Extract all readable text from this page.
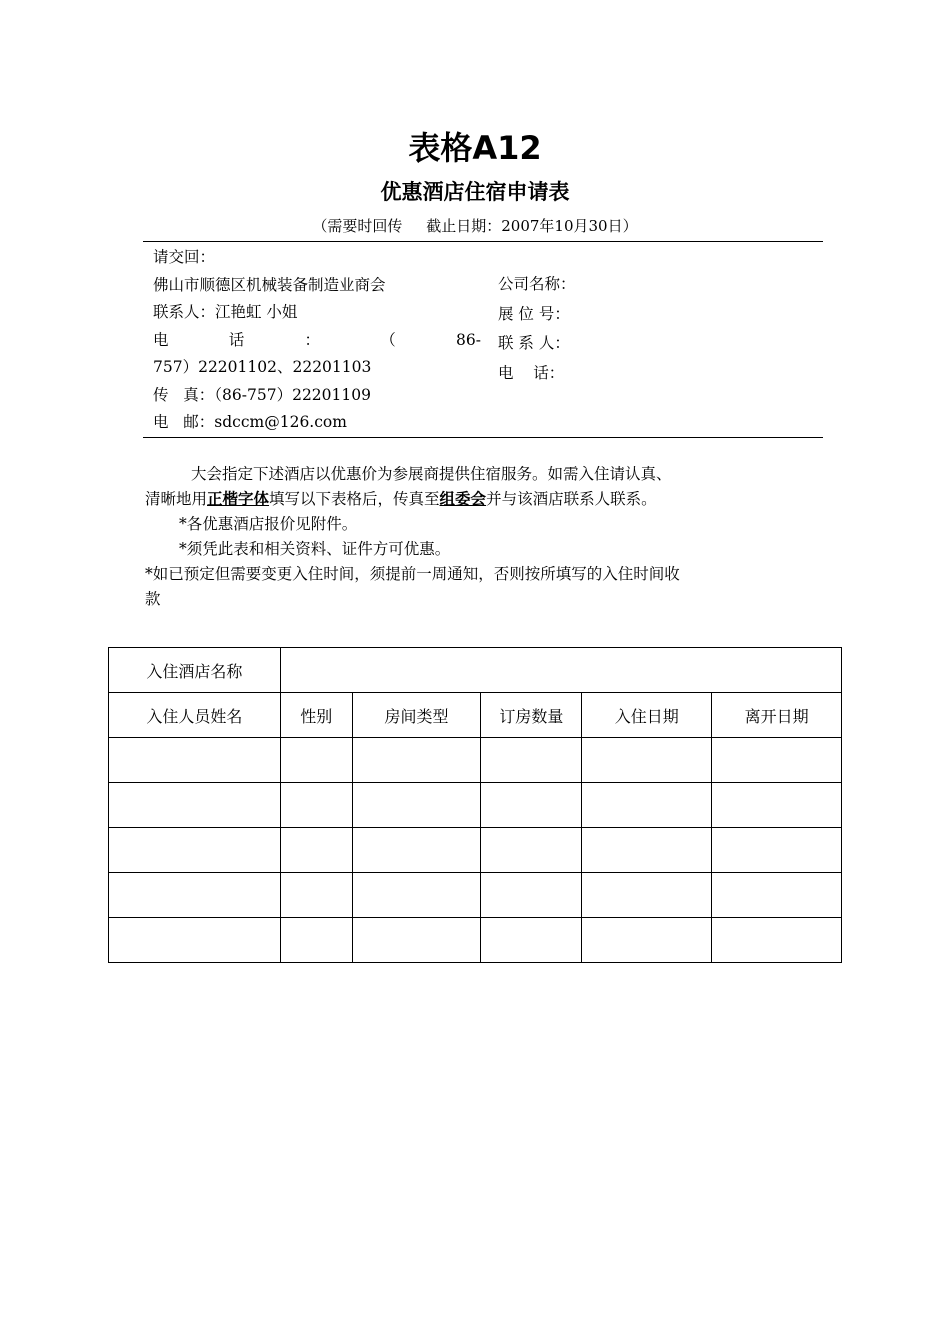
表格A12
优惠酒店住宿申请表
（需要时回传     截止日期：2007年10月30日）
请交回：
佛山市顺德区机械装备制造业商会
联系人：江艳虹 小姐
电	话	：	（	86-
757）22201102、22201103
传   真：（86-757）22201109
电   邮：sdccm@126.com
公司名称：
展 位 号：
联 系 人：
电    话：
大会指定下述酒店以优惠价为参展商提供住宿服务。如需入住请认真、
清晰地用正楷字体填写以下表格后，传真至组委会并与该酒店联系人联系。
*各优惠酒店报价见附件。
*须凭此表和相关资料、证件方可优惠。
*如已预定但需要变更入住时间，须提前一周通知，否则按所填写的入住时间收
款
入住酒店名称					
入住人员姓名	性别	房间类型	订房数量	入住日期	离开日期
